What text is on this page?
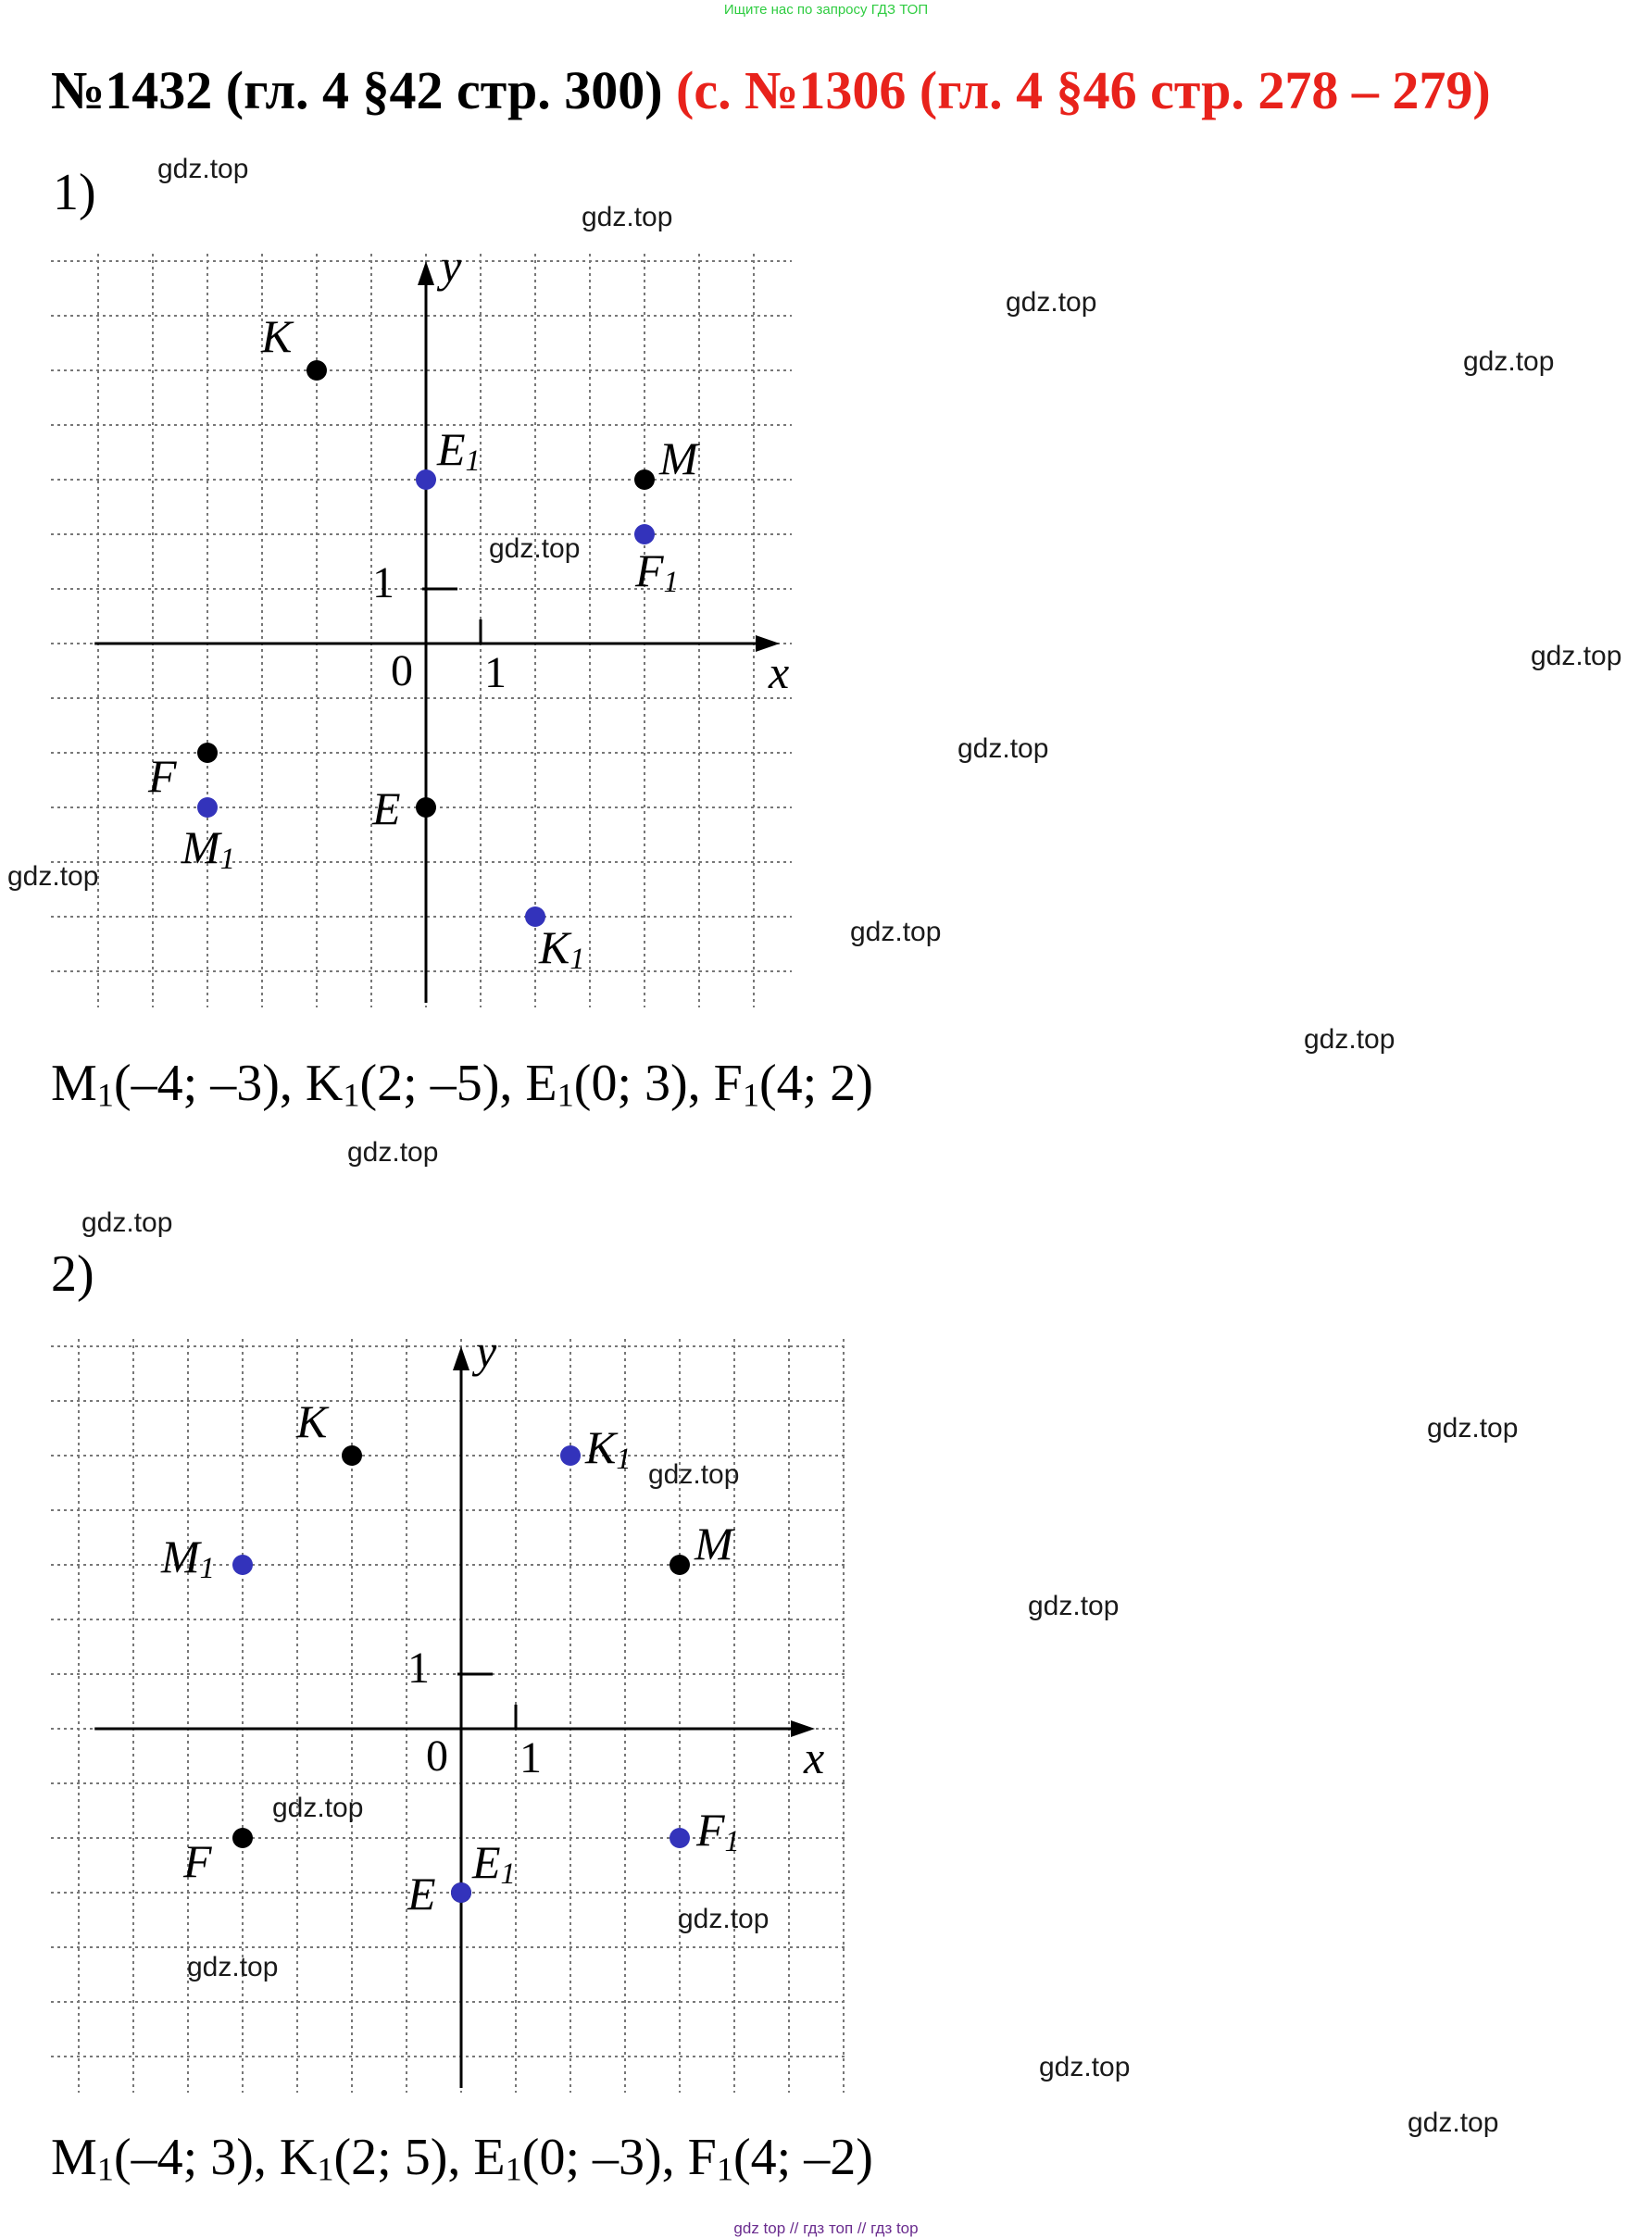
Ищите нас по запросу ГДЗ ТОП
№1432 (гл. 4 §42 стр. 300) (с. №1306 (гл. 4 §46 стр. 278 – 279)
1)
0 1
1
x
y
K
M
F
E
$E_1$
$F_1$
$M_1$
$K_1$
$M_1(-4$; –3), $K_1(2$; –5), $E_1(0$; 3), $F_1(4$; 2)
2)
0 1
1
x
y
K
M
F
E
$K_1$
$M_1$
$F_1$
$E_1$
$M_1(-4$; 3), $K_1(2$; 5), $E_1(0$; –3), $F_1(4$; –2)
gdz.top
gdz.top
gdz.top
gdz.top
gdz.top
gdz.top
gdz.top
gdz.top
gdz.top
gdz.top
gdz.top
gdz.top
gdz.top
gdz.top
gdz.top
gdz.top
gdz.top
gdz.top
gdz.top
gdz.top
gdz top // гдз топ // гдз top
